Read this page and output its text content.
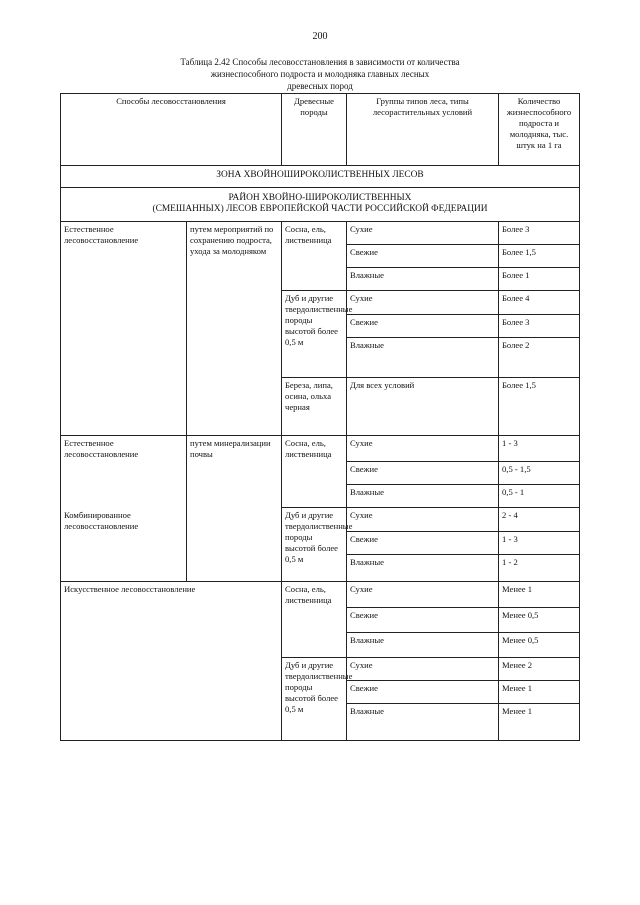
200
Таблица 2.42 Способы лесовосстановления в зависимости от количества
жизнеспособного подроста и молодняка главных лесных
древесных пород
Способы лесовосстановления		Древесные породы	Группы типов леса, типы лесорастительных условий	Количество жизнеспособного подроста и молодняка, тыс. штук на 1 га
ЗОНА ХВОЙНОШИРОКОЛИСТВЕННЫХ ЛЕСОВ				

РАЙОН ХВОЙНО-ШИРОКОЛИСТВЕННЫХ
(СМЕШАННЫХ) ЛЕСОВ ЕВРОПЕЙСКОЙ ЧАСТИ РОССИЙСКОЙ ФЕДЕРАЦИИ				

Естественное лесовосстановление	путем мероприятий по сохранению подроста, ухода за молодняком	Сосна, ель, лиственница	Сухие	Более 3
			Свежие	Более 1,5
			Влажные	Более 1
		Дуб и другие твердолиственные породы высотой более 0,5 м	Сухие	Более 4
			Свежие	Более 3
			Влажные	Более 2
		Береза, липа, осина, ольха черная	Для всех условий	Более 1,5
Естественное лесовосстановление	путем минерализации почвы	Сосна, ель, лиственница	Сухие	1 - 3
			Свежие	0,5 - 1,5
			Влажные	0,5 - 1
Комбинированное лесовосстановление		Дуб и другие твердолиственные породы высотой более 0,5 м	Сухие	2 - 4
			Свежие	1 - 3
			Влажные	1 - 2
Искусственное лесовосстановление		Сосна, ель, лиственница	Сухие	Менее 1
			Свежие	Менее 0,5
			Влажные	Менее 0,5
		Дуб и другие твердолиственные породы высотой более 0,5 м	Сухие	Менее 2
			Свежие	Менее 1
			Влажные	Менее 1
